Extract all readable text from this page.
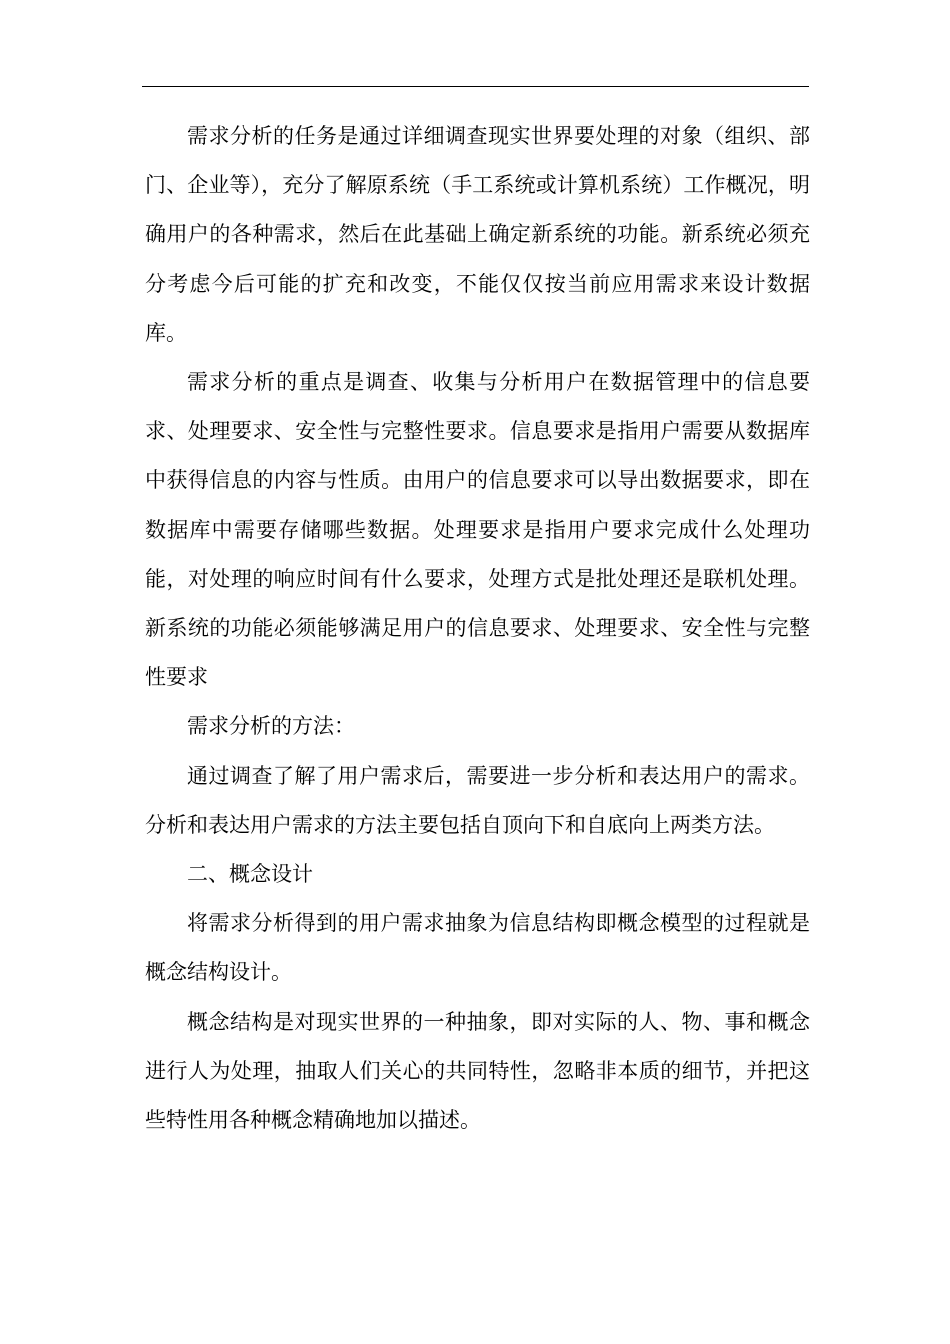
需求分析的任务是通过详细调查现实世界要处理的对象（组织、部门、企业等），充分了解原系统（手工系统或计算机系统）工作概况，明确用户的各种需求，然后在此基础上确定新系统的功能。新系统必须充分考虑今后可能的扩充和改变，不能仅仅按当前应用需求来设计数据库。

需求分析的重点是调查、收集与分析用户在数据管理中的信息要求、处理要求、安全性与完整性要求。信息要求是指用户需要从数据库中获得信息的内容与性质。由用户的信息要求可以导出数据要求，即在数据库中需要存储哪些数据。处理要求是指用户要求完成什么处理功能，对处理的响应时间有什么要求，处理方式是批处理还是联机处理。新系统的功能必须能够满足用户的信息要求、处理要求、安全性与完整性要求

需求分析的方法：

通过调查了解了用户需求后，需要进一步分析和表达用户的需求。分析和表达用户需求的方法主要包括自顶向下和自底向上两类方法。

二、概念设计

将需求分析得到的用户需求抽象为信息结构即概念模型的过程就是概念结构设计。

概念结构是对现实世界的一种抽象，即对实际的人、物、事和概念进行人为处理，抽取人们关心的共同特性，忽略非本质的细节，并把这些特性用各种概念精确地加以描述。
